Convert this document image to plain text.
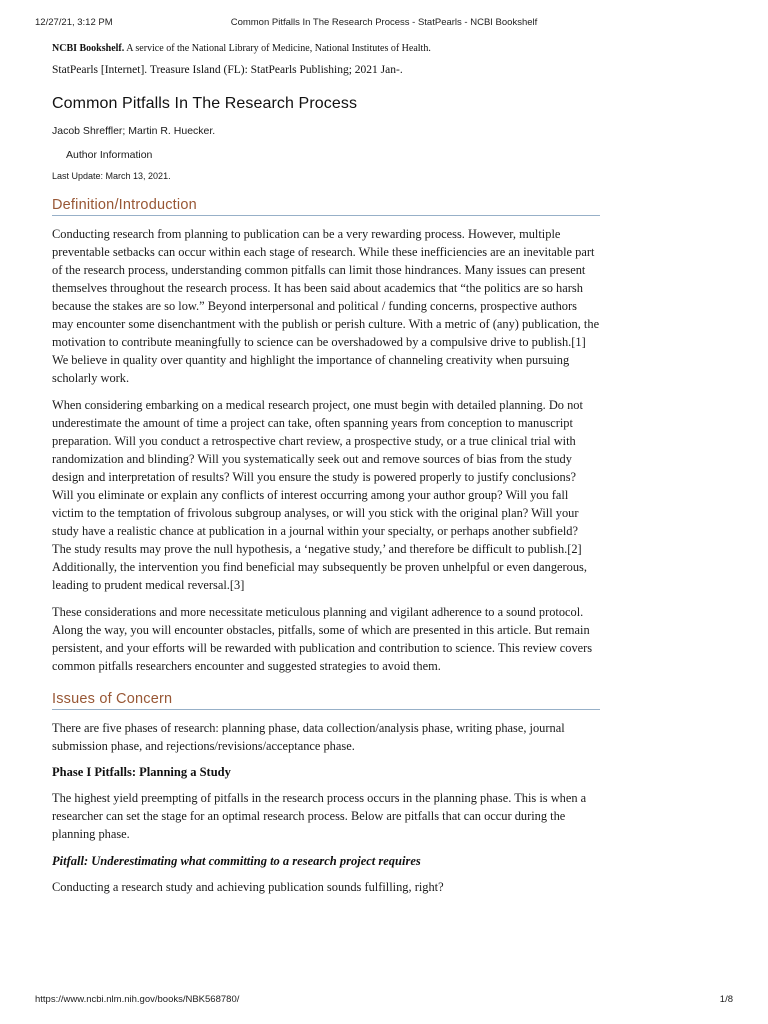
12/27/21, 3:12 PM	Common Pitfalls In The Research Process - StatPearls - NCBI Bookshelf
NCBI Bookshelf. A service of the National Library of Medicine, National Institutes of Health.
StatPearls [Internet]. Treasure Island (FL): StatPearls Publishing; 2021 Jan-.
Common Pitfalls In The Research Process
Jacob Shreffler; Martin R. Huecker.
Author Information
Last Update: March 13, 2021.
Definition/Introduction

Conducting research from planning to publication can be a very rewarding process. However, multiple preventable setbacks can occur within each stage of research. While these inefficiencies are an inevitable part of the research process, understanding common pitfalls can limit those hindrances. Many issues can present themselves throughout the research process. It has been said about academics that “the politics are so harsh because the stakes are so low.” Beyond interpersonal and political / funding concerns, prospective authors may encounter some disenchantment with the publish or perish culture. With a metric of (any) publication, the motivation to contribute meaningfully to science can be overshadowed by a compulsive drive to publish.[1] We believe in quality over quantity and highlight the importance of channeling creativity when pursuing scholarly work.

When considering embarking on a medical research project, one must begin with detailed planning. Do not underestimate the amount of time a project can take, often spanning years from conception to manuscript preparation. Will you conduct a retrospective chart review, a prospective study, or a true clinical trial with randomization and blinding? Will you systematically seek out and remove sources of bias from the study design and interpretation of results? Will you ensure the study is powered properly to justify conclusions? Will you eliminate or explain any conflicts of interest occurring among your author group? Will you fall victim to the temptation of frivolous subgroup analyses, or will you stick with the original plan? Will your study have a realistic chance at publication in a journal within your specialty, or perhaps another subfield? The study results may prove the null hypothesis, a ‘negative study,’ and therefore be difficult to publish.[2] Additionally, the intervention you find beneficial may subsequently be proven unhelpful or even dangerous, leading to prudent medical reversal.[3]

These considerations and more necessitate meticulous planning and vigilant adherence to a sound protocol. Along the way, you will encounter obstacles, pitfalls, some of which are presented in this article. But remain persistent, and your efforts will be rewarded with publication and contribution to science. This review covers common pitfalls researchers encounter and suggested strategies to avoid them.

Issues of Concern

There are five phases of research: planning phase, data collection/analysis phase, writing phase, journal submission phase, and rejections/revisions/acceptance phase.

Phase I Pitfalls: Planning a Study

The highest yield preempting of pitfalls in the research process occurs in the planning phase. This is when a researcher can set the stage for an optimal research process. Below are pitfalls that can occur during the planning phase.

Pitfall: Underestimating what committing to a research project requires

Conducting a research study and achieving publication sounds fulfilling, right?

https://www.ncbi.nlm.nih.gov/books/NBK568780/	1/8
